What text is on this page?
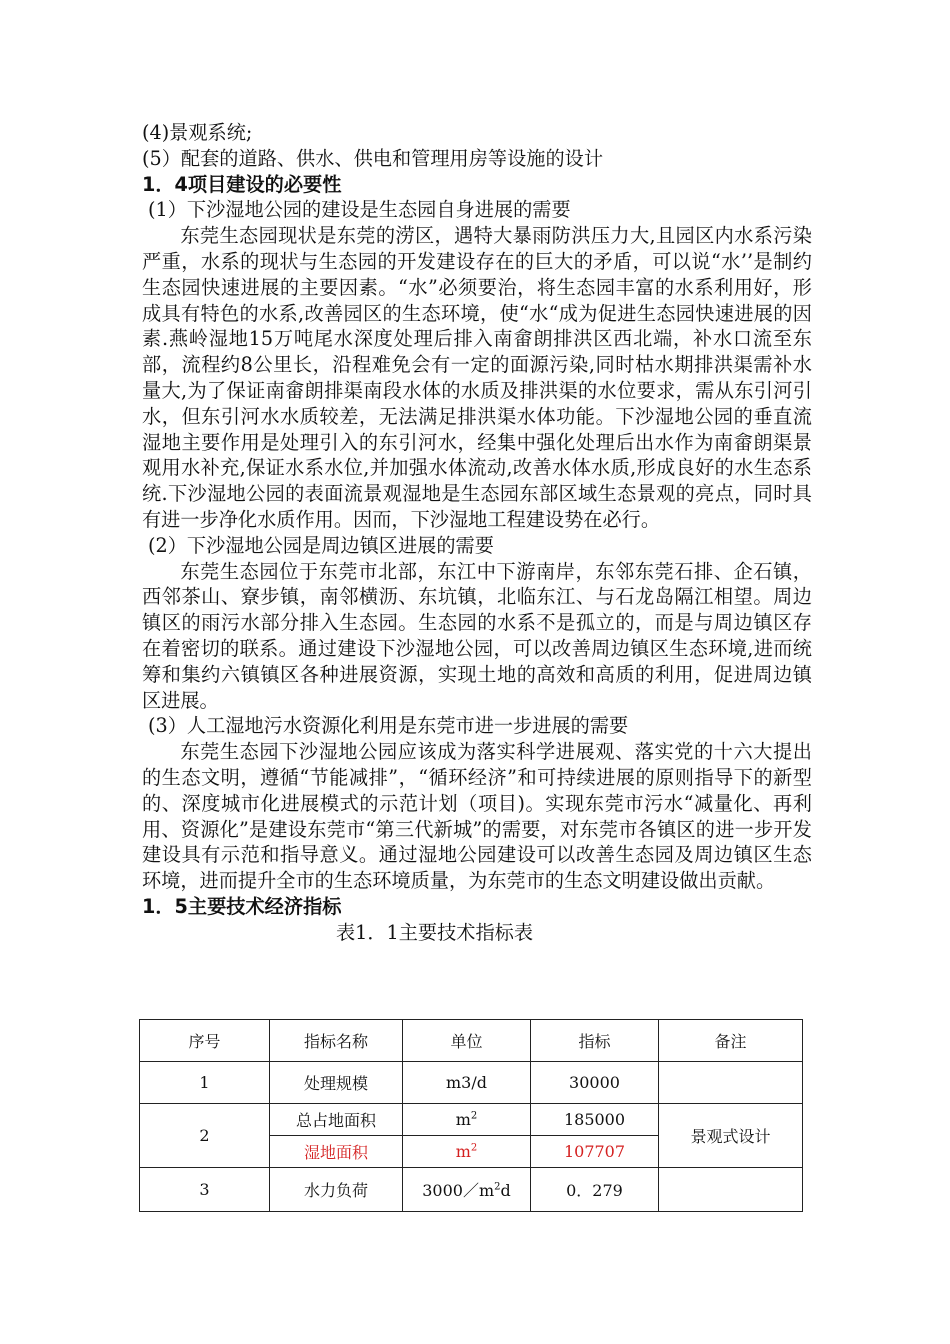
(4)景观系统;
(5）配套的道路、供水、供电和管理用房等设施的设计
1．4项目建设的必要性

(1）下沙湿地公园的建设是生态园自身进展的需要

东莞生态园现状是东莞的涝区，遇特大暴雨防洪压力大,且园区内水系污染严重，水系的现状与生态园的开发建设存在的巨大的矛盾，可以说“水’’是制约生态园快速进展的主要因素。“水”必须要治，将生态园丰富的水系利用好，形成具有特色的水系,改善园区的生态环境，使“水“成为促进生态园快速进展的因素.燕岭湿地15万吨尾水深度处理后排入南畲朗排洪区西北端，补水口流至东部，流程约8公里长，沿程难免会有一定的面源污染,同时枯水期排洪渠需补水量大,为了保证南畲朗排渠南段水体的水质及排洪渠的水位要求，需从东引河引水，但东引河水水质较差，无法满足排洪渠水体功能。下沙湿地公园的垂直流湿地主要作用是处理引入的东引河水，经集中强化处理后出水作为南畲朗渠景观用水补充,保证水系水位,并加强水体流动,改善水体水质,形成良好的水生态系统.下沙湿地公园的表面流景观湿地是生态园东部区域生态景观的亮点，同时具有进一步净化水质作用。因而，下沙湿地工程建设势在必行。

(2）下沙湿地公园是周边镇区进展的需要

东莞生态园位于东莞市北部，东江中下游南岸，东邻东莞石排、企石镇，西邻茶山、寮步镇，南邻横沥、东坑镇，北临东江、与石龙岛隔江相望。周边镇区的雨污水部分排入生态园。生态园的水系不是孤立的，而是与周边镇区存在着密切的联系。通过建设下沙湿地公园，可以改善周边镇区生态环境,进而统筹和集约六镇镇区各种进展资源，实现土地的高效和高质的利用，促进周边镇区进展。

(3）人工湿地污水资源化利用是东莞市进一步进展的需要

东莞生态园下沙湿地公园应该成为落实科学进展观、落实党的十六大提出的生态文明，遵循“节能减排”，“循环经济”和可持续进展的原则指导下的新型的、深度城市化进展模式的示范计划（项目)。实现东莞市污水“减量化、再利用、资源化”是建设东莞市“第三代新城”的需要，对东莞市各镇区的进一步开发建设具有示范和指导意义。通过湿地公园建设可以改善生态园及周边镇区生态环境，进而提升全市的生态环境质量，为东莞市的生态文明建设做出贡献。

1．5主要技术经济指标

表1．1主要技术指标表

序号	指标名称	单位	指标	备注
1	处理规模	m3/d	30000	
2	总占地面积	$m^2$	185000	景观式设计
	湿地面积	$m^2$	107707	
3	水力负荷	$3000/m^2d$	0．279	
